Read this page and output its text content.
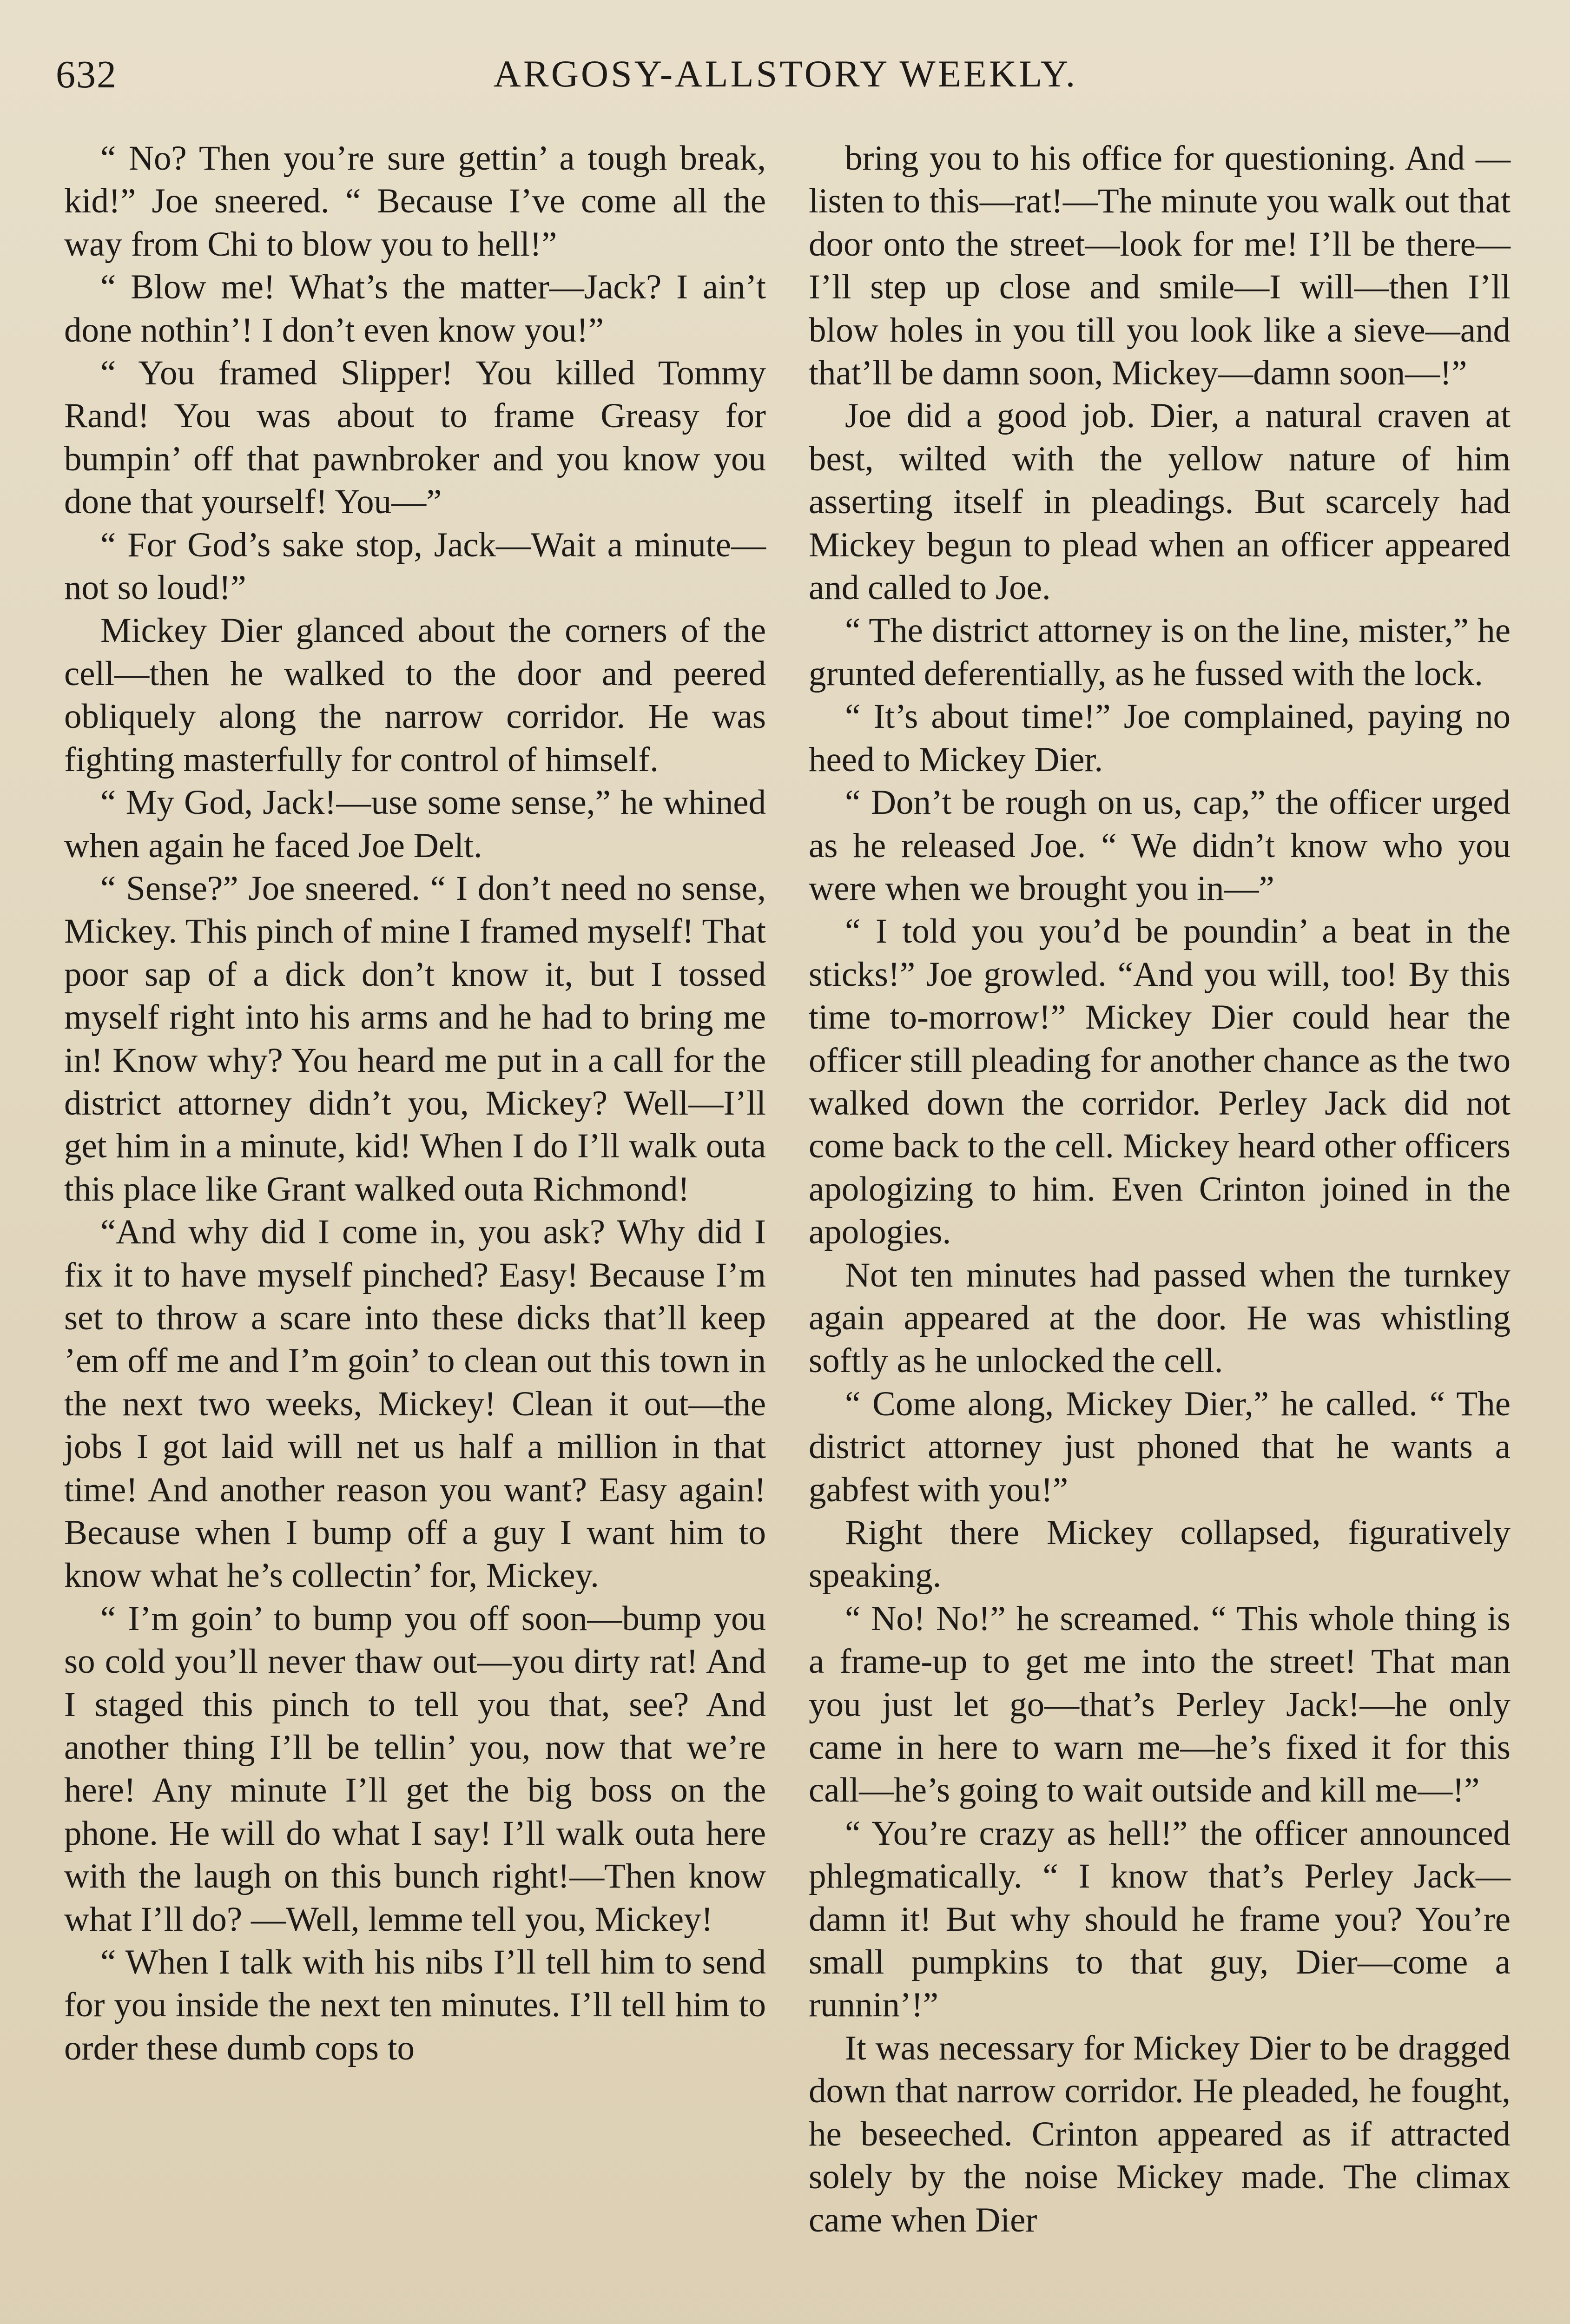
632	ARGOSY-ALLSTORY WEEKLY.

“ No? Then you’re sure gettin’ a tough break, kid!” Joe sneered. “ Because I’ve come all the way from Chi to blow you to hell!”

“ Blow me! What’s the matter—Jack? I ain’t done nothin’! I don’t even know you!”

“ You framed Slipper! You killed Tommy Rand! You was about to frame Greasy for bumpin’ off that pawnbroker and you know you done that yourself! You—”

“ For God’s sake stop, Jack—Wait a minute—not so loud!”

Mickey Dier glanced about the corners of the cell—then he walked to the door and peered obliquely along the narrow corridor. He was fighting masterfully for control of himself.

“ My God, Jack!—use some sense,” he whined when again he faced Joe Delt.

“ Sense?” Joe sneered. “ I don’t need no sense, Mickey. This pinch of mine I framed myself! That poor sap of a dick don’t know it, but I tossed myself right into his arms and he had to bring me in! Know why? You heard me put in a call for the district attorney didn’t you, Mickey? Well—I’ll get him in a minute, kid! When I do I’ll walk outa this place like Grant walked outa Richmond!

“And why did I come in, you ask? Why did I fix it to have myself pinched? Easy! Because I’m set to throw a scare into these dicks that’ll keep ’em off me and I’m goin’ to clean out this town in the next two weeks, Mickey! Clean it out—the jobs I got laid will net us half a million in that time! And another reason you want? Easy again! Because when I bump off a guy I want him to know what he’s collectin’ for, Mickey.

“ I’m goin’ to bump you off soon—bump you so cold you’ll never thaw out—you dirty rat! And I staged this pinch to tell you that, see? And another thing I’ll be tellin’ you, now that we’re here! Any minute I’ll get the big boss on the phone. He will do what I say! I’ll walk outa here with the laugh on this bunch right!—Then know what I’ll do? —Well, lemme tell you, Mickey!

“ When I talk with his nibs I’ll tell him to send for you inside the next ten minutes. I’ll tell him to order these dumb cops to

bring you to his office for questioning. And —listen to this—rat!—The minute you walk out that door onto the street—look for me! I’ll be there—I’ll step up close and smile—I will—then I’ll blow holes in you till you look like a sieve—and that’ll be damn soon, Mickey—damn soon—!”

Joe did a good job. Dier, a natural craven at best, wilted with the yellow nature of him asserting itself in pleadings. But scarcely had Mickey begun to plead when an officer appeared and called to Joe.

“ The district attorney is on the line, mister,” he grunted deferentially, as he fussed with the lock.

“ It’s about time!” Joe complained, paying no heed to Mickey Dier.

“ Don’t be rough on us, cap,” the officer urged as he released Joe. “ We didn’t know who you were when we brought you in—”

“ I told you you’d be poundin’ a beat in the sticks!” Joe growled. “And you will, too! By this time to-morrow!” Mickey Dier could hear the officer still pleading for another chance as the two walked down the corridor. Perley Jack did not come back to the cell. Mickey heard other officers apologizing to him. Even Crinton joined in the apologies.

Not ten minutes had passed when the turnkey again appeared at the door. He was whistling softly as he unlocked the cell.

“ Come along, Mickey Dier,” he called. “ The district attorney just phoned that he wants a gabfest with you!”

Right there Mickey collapsed, figuratively speaking.

“ No! No!” he screamed. “ This whole thing is a frame-up to get me into the street! That man you just let go—that’s Perley Jack!—he only came in here to warn me—he’s fixed it for this call—he’s going to wait outside and kill me—!”

“ You’re crazy as hell!” the officer announced phlegmatically. “ I know that’s Perley Jack—damn it! But why should he frame you? You’re small pumpkins to that guy, Dier—come a runnin’!”

It was necessary for Mickey Dier to be dragged down that narrow corridor. He pleaded, he fought, he beseeched. Crinton appeared as if attracted solely by the noise Mickey made. The climax came when Dier
